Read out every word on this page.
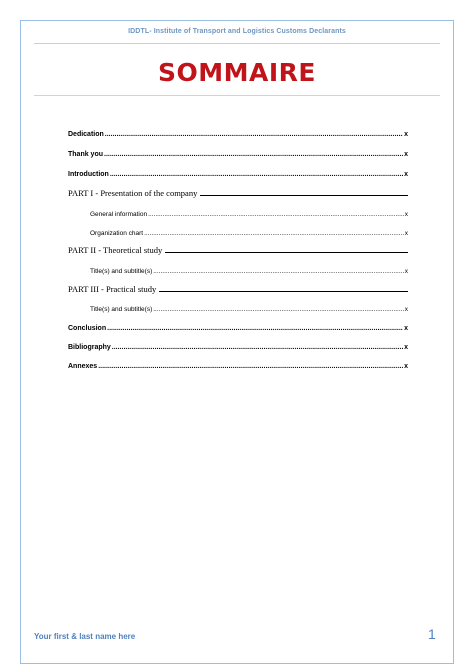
IDDTL- Institute of Transport and Logistics Customs Declarants
SOMMAIRE
Dedication .....	x
Thank you .....	x
Introduction .....	x
PART I - Presentation of the company
General information .....	x
Organization chart .....	x
PART II - Theoretical study
Title(s) and subtitle(s) .....	x
PART III - Practical study
Title(s) and subtitle(s) .....	x
Conclusion .....	x
Bibliography .....	x
Annexes .....	x
Your first & last name here	1
